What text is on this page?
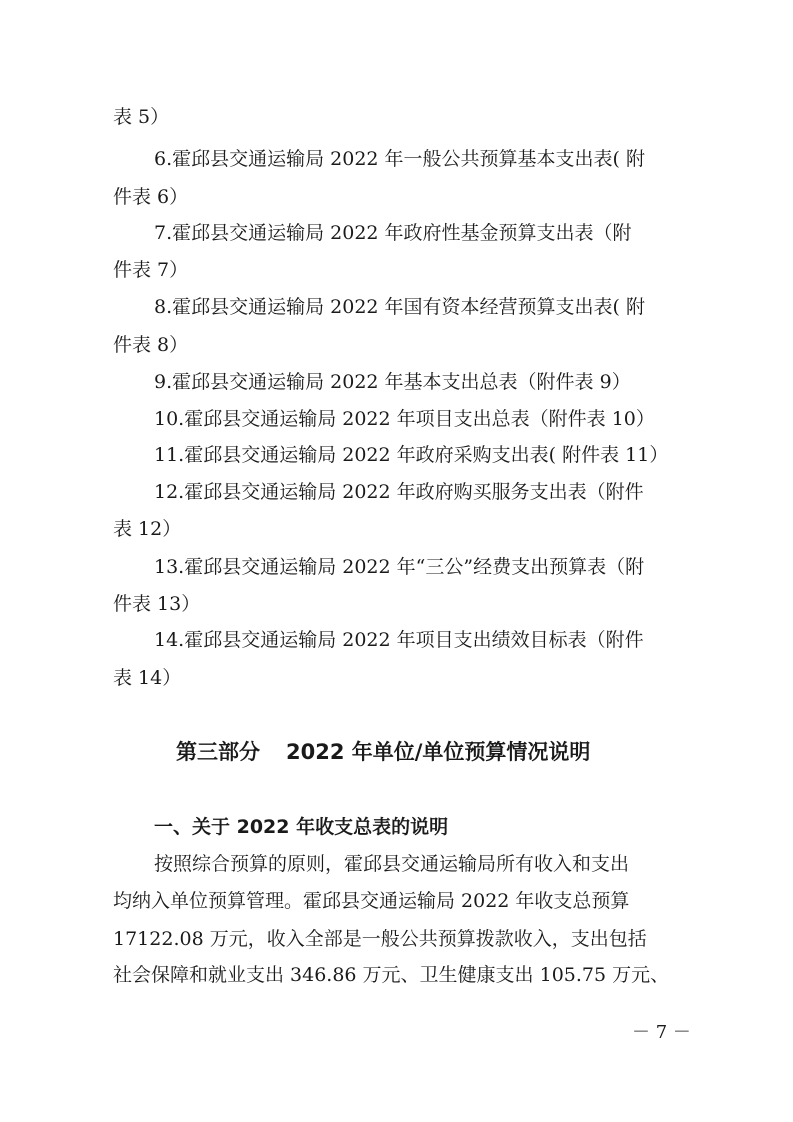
表 5）
6.霍邱县交通运输局 2022 年一般公共预算基本支出表( 附
件表 6）
7.霍邱县交通运输局 2022 年政府性基金预算支出表（附
件表 7）
8.霍邱县交通运输局 2022 年国有资本经营预算支出表( 附
件表 8）
9.霍邱县交通运输局 2022 年基本支出总表（附件表 9）
10.霍邱县交通运输局 2022 年项目支出总表（附件表 10）
11.霍邱县交通运输局 2022 年政府采购支出表( 附件表 11）
12.霍邱县交通运输局 2022 年政府购买服务支出表（附件
表 12）
13.霍邱县交通运输局 2022 年“三公”经费支出预算表（附
件表 13）
14.霍邱县交通运输局 2022 年项目支出绩效目标表（附件
表 14）
第三部分 2022 年单位/单位预算情况说明
一、关于 2022 年收支总表的说明
按照综合预算的原则，霍邱县交通运输局所有收入和支出
均纳入单位预算管理。霍邱县交通运输局 2022 年收支总预算
17122.08 万元，收入全部是一般公共预算拨款收入，支出包括
社会保障和就业支出 346.86 万元、卫生健康支出 105.75 万元、
－ 7 －
